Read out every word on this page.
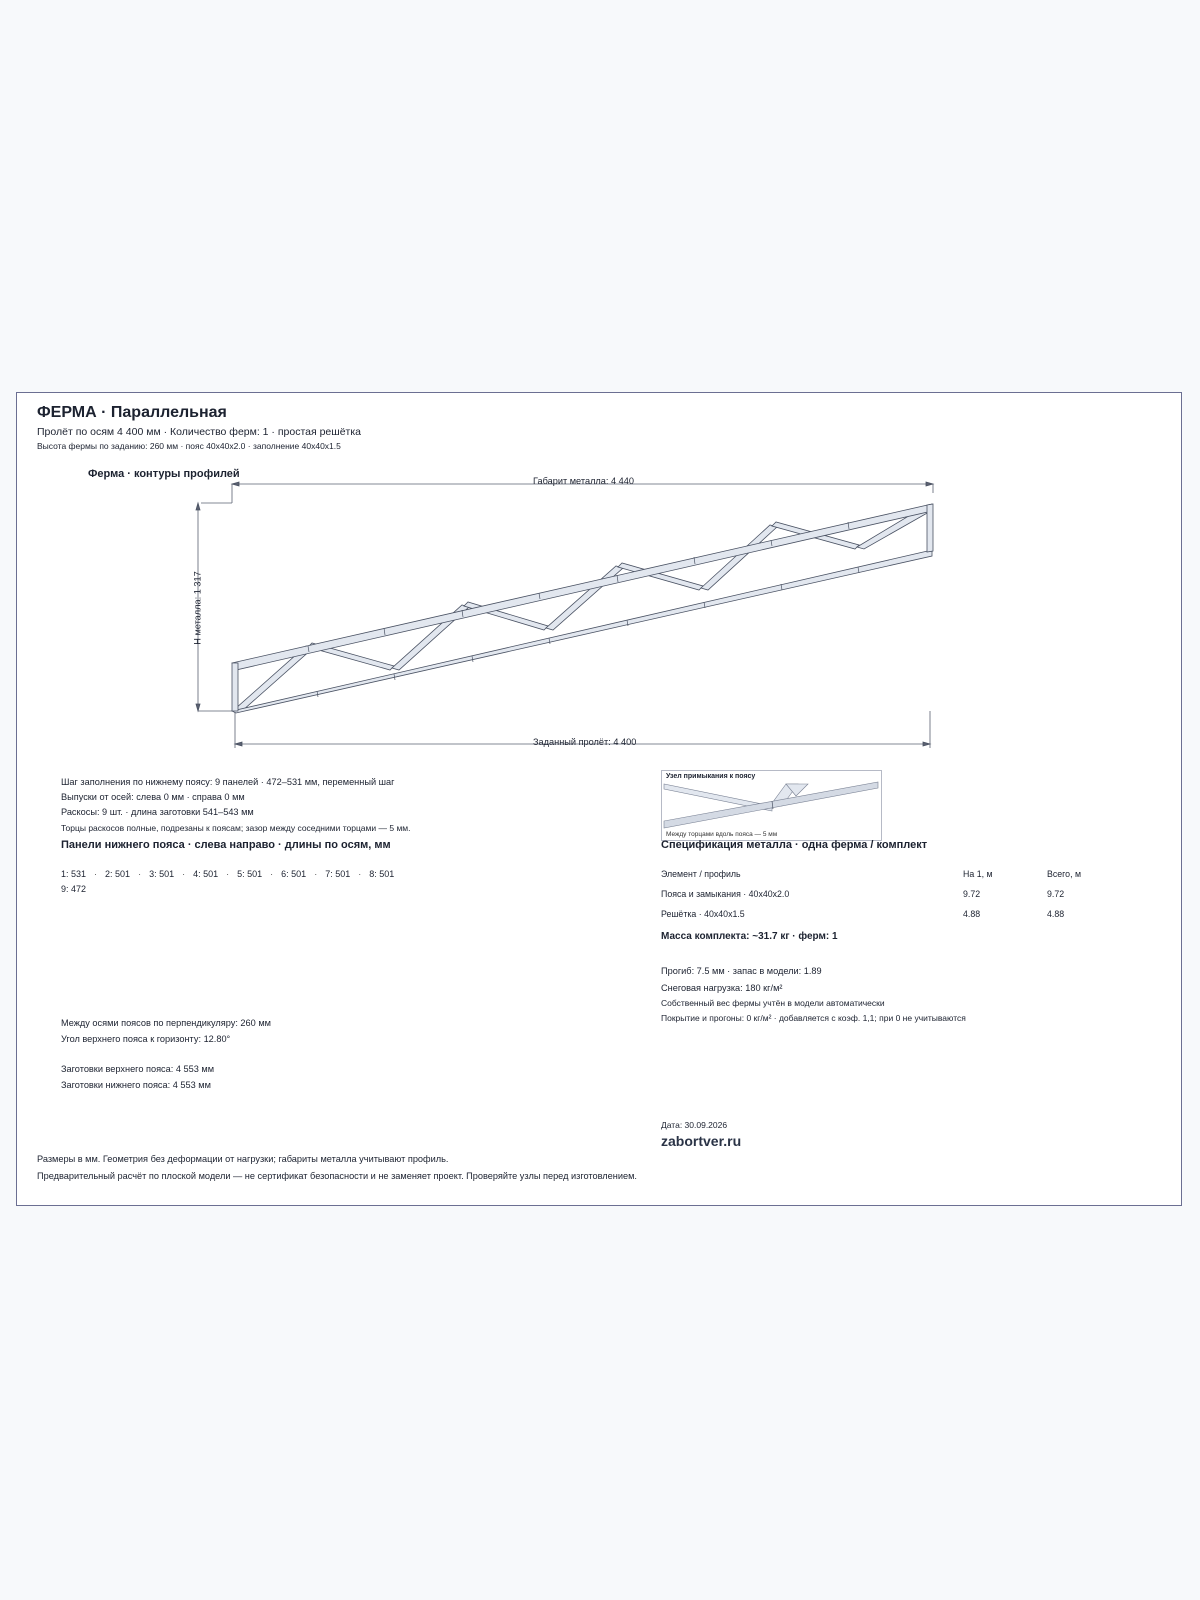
ФЕРМА · Параллельная
Пролёт по осям 4 400 мм · Количество ферм: 1 · простая решётка
Высота фермы по заданию: 260 мм · пояс 40x40x2.0 · заполнение 40x40x1.5
Ферма · контуры профилей
Габарит металла: 4 440
Заданный пролёт: 4 400
Н металла: 1 317
Узел примыкания к поясу
Между торцами вдоль пояса — 5 мм
Шаг заполнения по нижнему поясу: 9 панелей · 472–531 мм, переменный шаг
Выпуски от осей: слева 0 мм · справа 0 мм
Раскосы: 9 шт. · длина заготовки 541–543 мм
Торцы раскосов полные, подрезаны к поясам; зазор между соседними торцами — 5 мм.
Панели нижнего пояса · слева направо · длины по осям, мм
1: 531 · 2: 501 · 3: 501 · 4: 501 · 5: 501 · 6: 501 · 7: 501 · 8: 501
9: 472
Спецификация металла · одна ферма / комплект
Элемент / профиль	На 1, м	Всего, м
Пояса и замыкания · 40x40x2.0	9.72	9.72
Решётка · 40x40x1.5	4.88	4.88
Масса комплекта: ~31.7 кг · ферм: 1
Прогиб: 7.5 мм · запас в модели: 1.89
Снеговая нагрузка: 180 кг/м²
Собственный вес фермы учтён в модели автоматически
Покрытие и прогоны: 0 кг/м² · добавляется с коэф. 1,1; при 0 не учитываются
Между осями поясов по перпендикуляру: 260 мм
Угол верхнего пояса к горизонту: 12.80°
Заготовки верхнего пояса: 4 553 мм
Заготовки нижнего пояса: 4 553 мм
Дата: 30.09.2026
zabortver.ru
Размеры в мм. Геометрия без деформации от нагрузки; габариты металла учитывают профиль.
Предварительный расчёт по плоской модели — не сертификат безопасности и не заменяет проект. Проверяйте узлы перед изготовлением.
